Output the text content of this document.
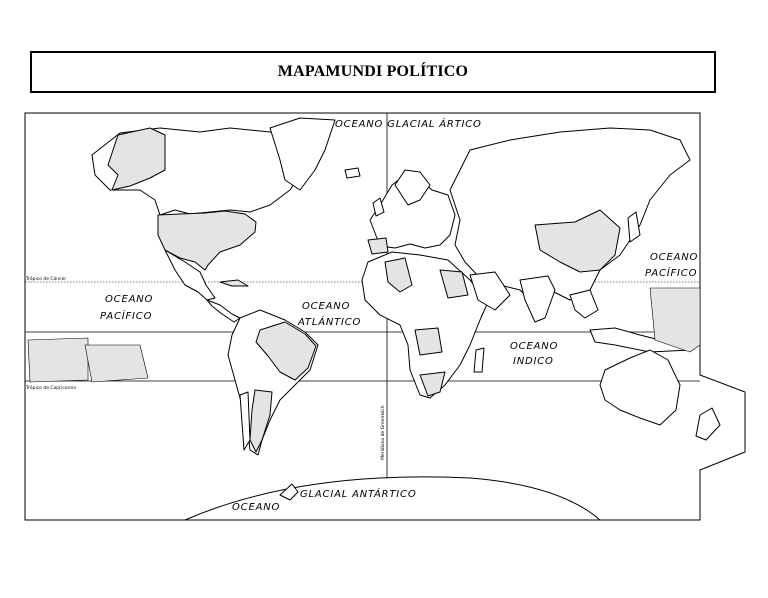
MAPAMUNDI POLÍTICO
OCEANO GLACIAL ÁRTICO
OCEANO
PACÍFICO
OCEANO
ATLÁNTICO
OCEANO
INDICO
OCEANO
PACÍFICO
OCEANO
GLACIAL ANTÁRTICO
Trópico de Cáncer
Trópico de Capricornio
Meridiano de Greenwich
